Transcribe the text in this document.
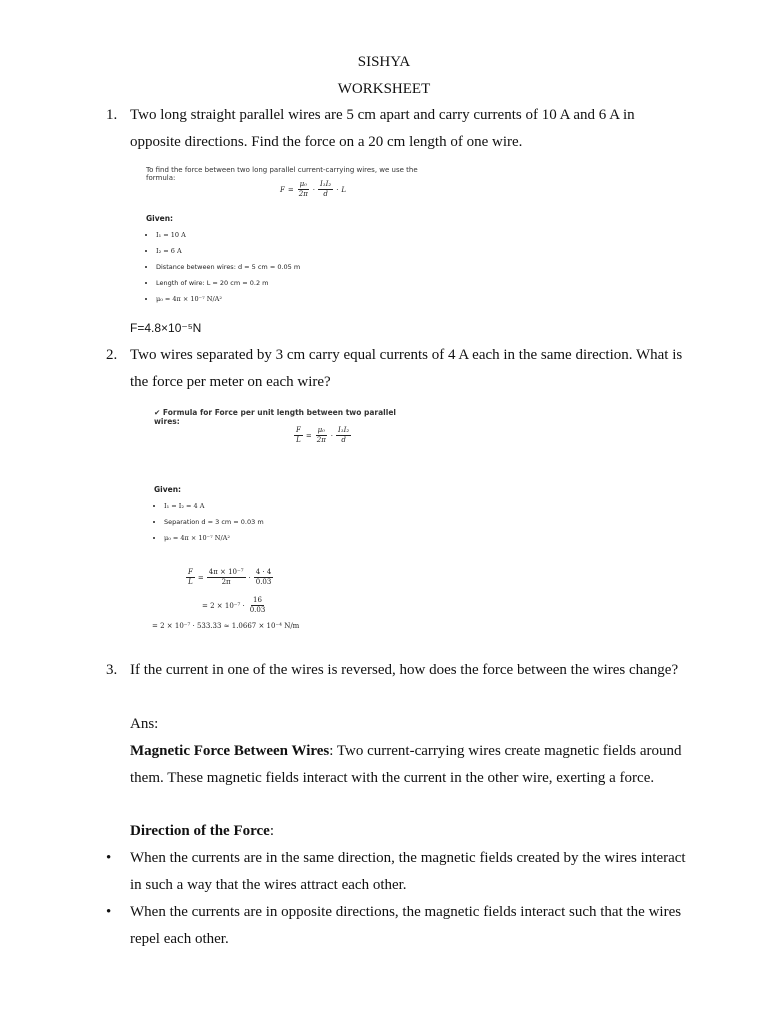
SISHYA
WORKSHEET
1. Two long straight parallel wires are 5 cm apart and carry currents of 10 A and 6 A in opposite directions. Find the force on a 20 cm length of one wire.
To find the force between two long parallel current-carrying wires, we use the formula:
$F = \frac{\text{μ₀}}{2\pi} \cdot \frac{\text{I₁I₂}}{d} \cdot L$
Given:
• I₁ = 10 A
• I₂ = 6 A
• Distance between wires: d = 5 cm = 0.05 m
• Length of wire: L = 20 cm = 0.2 m
• μ₀ = 4π × 10⁻⁷ N/A²
F=4.8×10⁻⁵N
2. Two wires separated by 3 cm carry equal currents of 4 A each in the same direction. What is the force per meter on each wire?
✔ Formula for Force per unit length between two parallel wires:
$\frac{F}{L} = \frac{\text{μ₀}}{2\pi} \cdot \frac{\text{I₁I₂}}{d}$
Given:
• I₁ = I₂ = 4 A
• Separation d = 3 cm = 0.03 m
• μ₀ = 4π × 10⁻⁷ N/A²
$\frac{F}{L} = \frac{\text{4π × 10⁻⁷}}{2\pi} \cdot \frac{4 \cdot 4}{0.03}$
= $2 \times 10^{-7} \cdot \frac{16}{0.03}$
= 2 × 10⁻⁷ · 533.33 ≈ 1.0667 × 10⁻⁴ N/m
3. If the current in one of the wires is reversed, how does the force between the wires change?
Ans:
Magnetic Force Between Wires: Two current-carrying wires create magnetic fields around them. These magnetic fields interact with the current in the other wire, exerting a force.
Direction of the Force:
• When the currents are in the same direction, the magnetic fields created by the wires interact in such a way that the wires attract each other.
• When the currents are in opposite directions, the magnetic fields interact such that the wires repel each other.
